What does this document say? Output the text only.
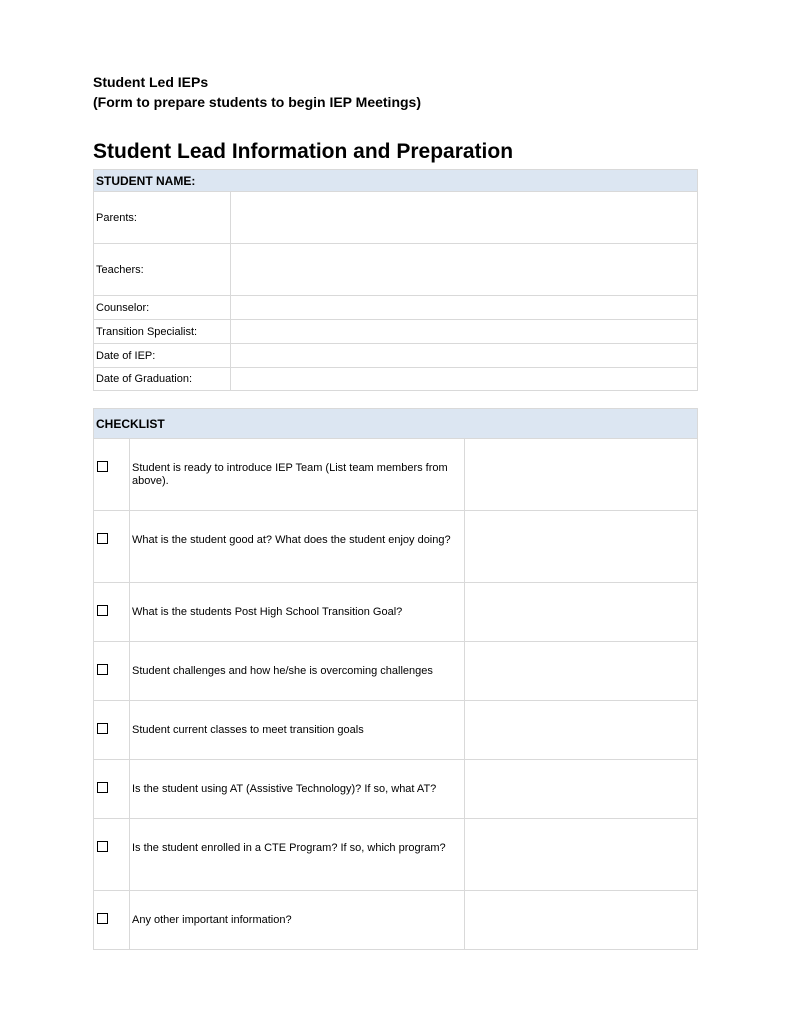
Student Led IEPs
(Form to prepare students to begin IEP Meetings)
Student Lead Information and Preparation
STUDENT NAME:	
Parents:	
Teachers:	
Counselor:	
Transition Specialist:	
Date of IEP:	
Date of Graduation:	
CHECKLIST		
	Student is ready to introduce IEP Team (List team members from above).	
	What is the student good at? What does the student enjoy doing?	
	What is the students Post High School Transition Goal?	
	Student challenges and how he/she is overcoming challenges	
	Student current classes to meet transition goals	
	Is the student using AT (Assistive Technology)? If so, what AT?	
	Is the student enrolled in a CTE Program? If so, which program?	
	Any other important information?	
